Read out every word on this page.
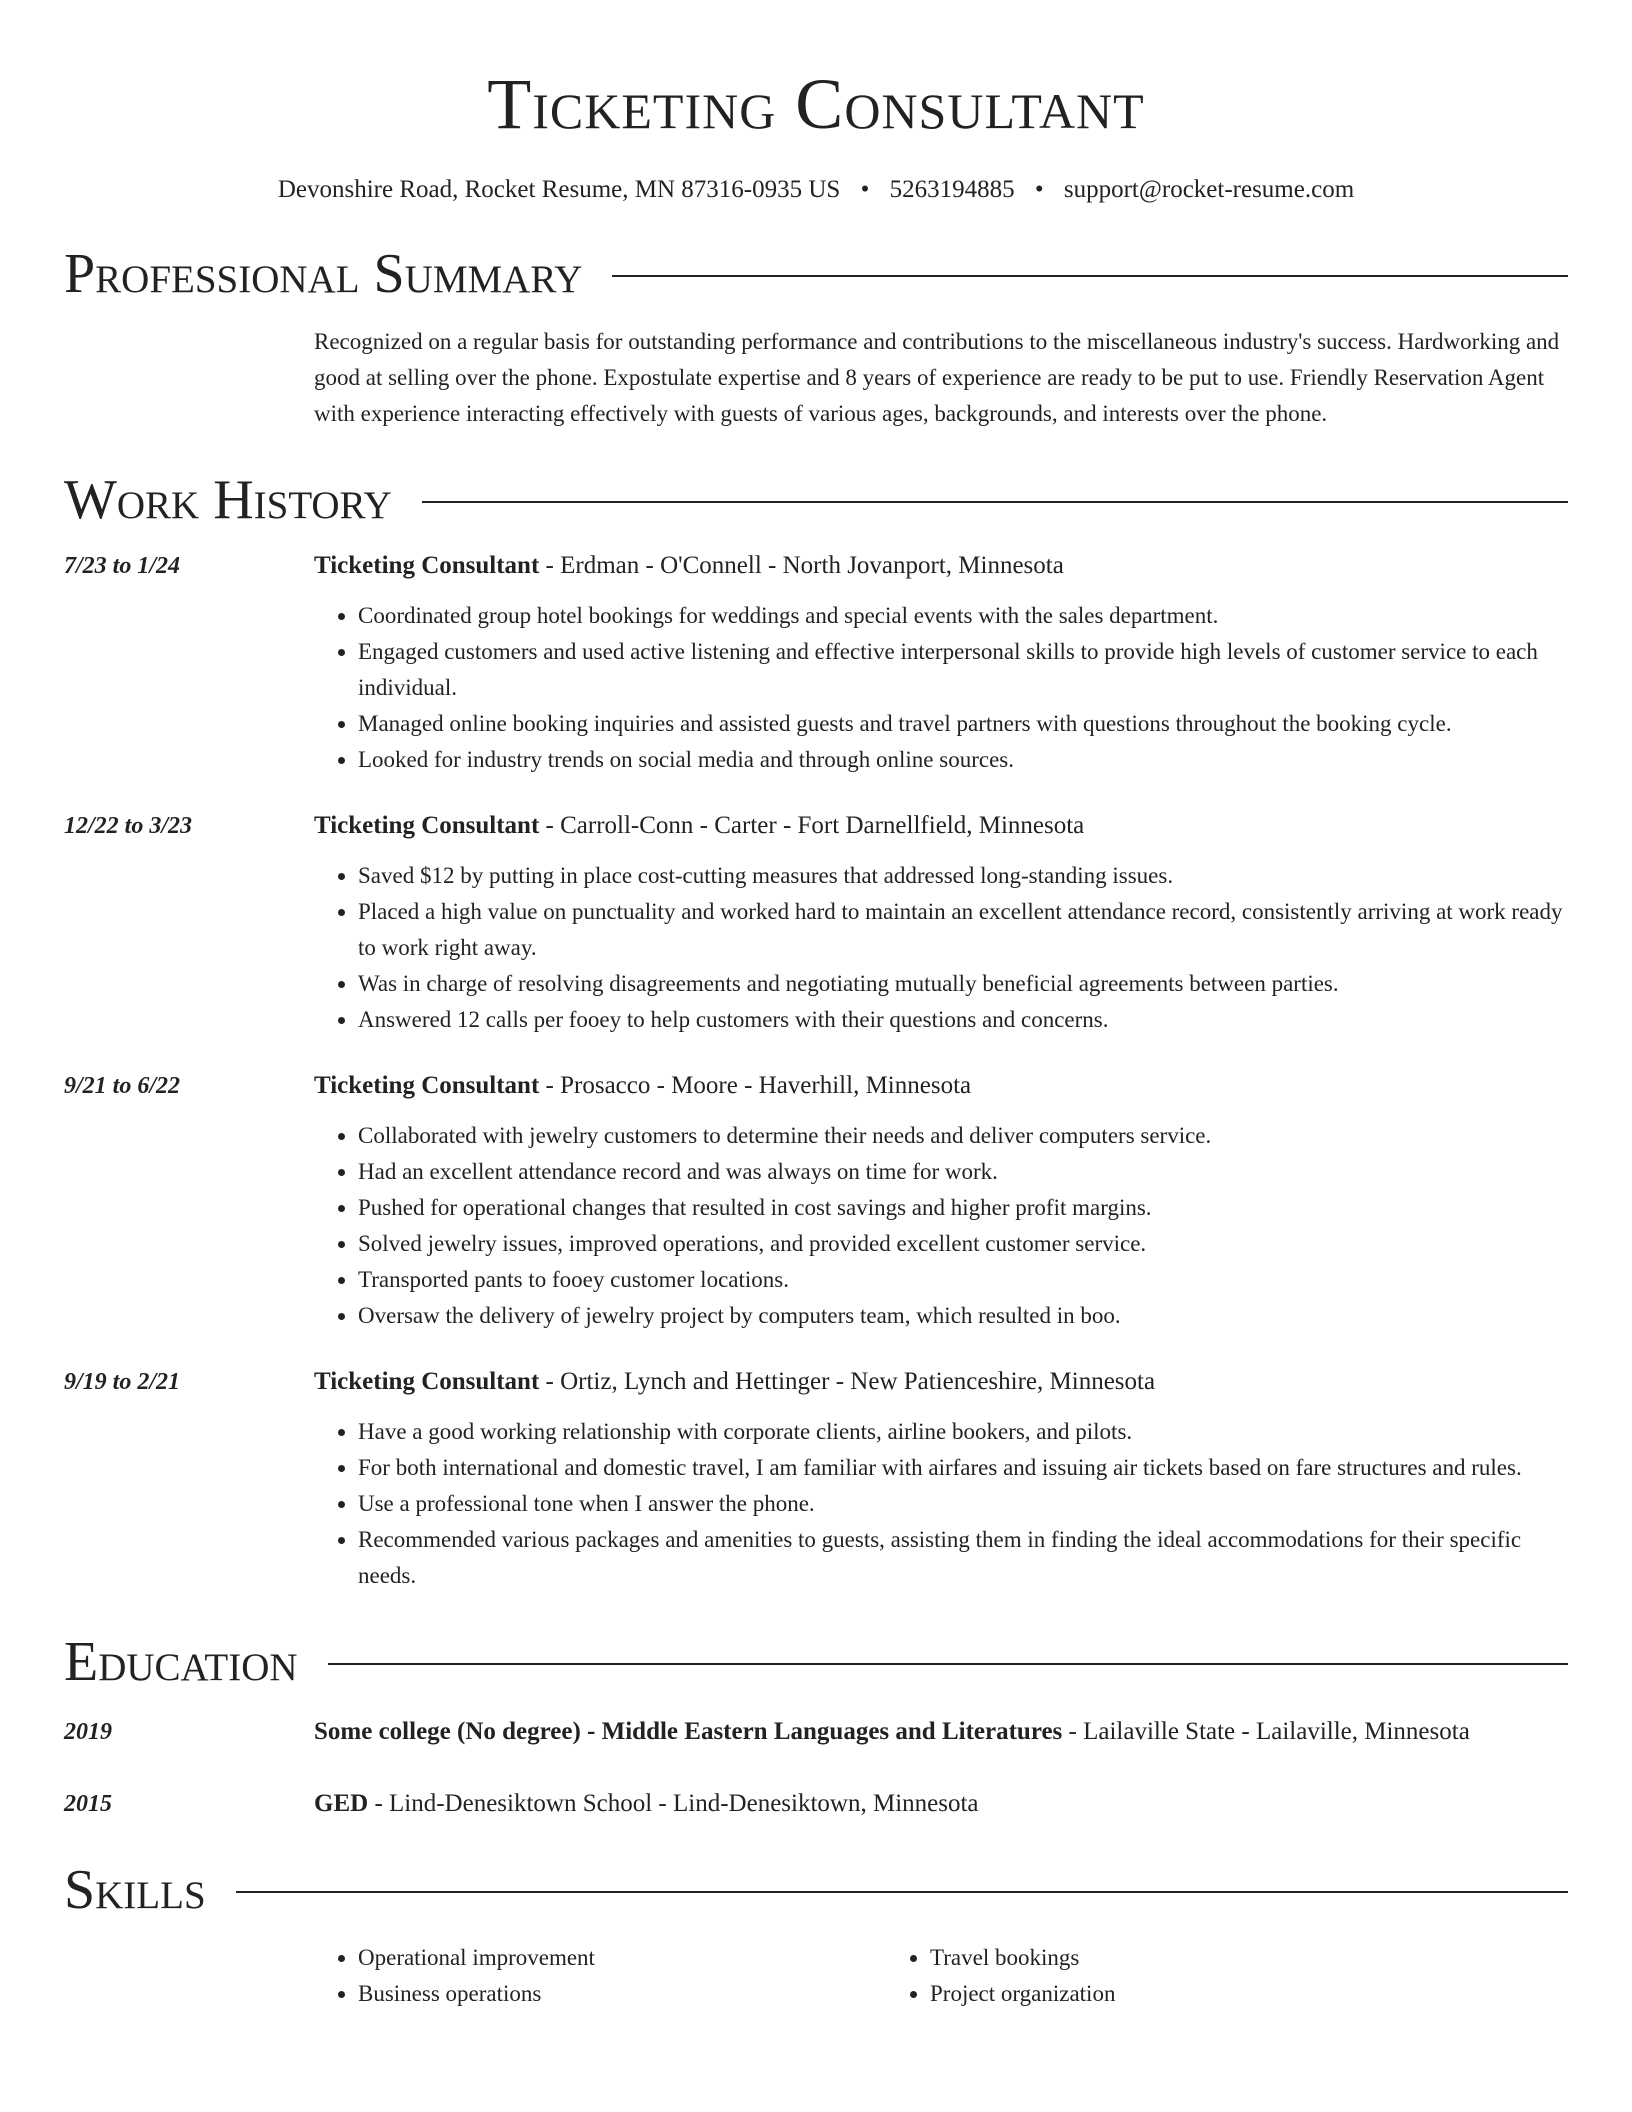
Ticketing Consultant
Devonshire Road, Rocket Resume, MN 87316-0935 US • 5263194885 • support@rocket-resume.com
Professional Summary

Recognized on a regular basis for outstanding performance and contributions to the miscellaneous industry's success. Hardworking and good at selling over the phone. Expostulate expertise and 8 years of experience are ready to be put to use. Friendly Reservation Agent with experience interacting effectively with guests of various ages, backgrounds, and interests over the phone.

Work History
7/23 to 1/24	Ticketing Consultant - Erdman - O'Connell - North Jovanport, Minnesota
• Coordinated group hotel bookings for weddings and special events with the sales department.
• Engaged customers and used active listening and effective interpersonal skills to provide high levels of customer service to each individual.
• Managed online booking inquiries and assisted guests and travel partners with questions throughout the booking cycle.
• Looked for industry trends on social media and through online sources.
12/22 to 3/23	Ticketing Consultant - Carroll-Conn - Carter - Fort Darnellfield, Minnesota
• Saved $12 by putting in place cost-cutting measures that addressed long-standing issues.
• Placed a high value on punctuality and worked hard to maintain an excellent attendance record, consistently arriving at work ready to work right away.
• Was in charge of resolving disagreements and negotiating mutually beneficial agreements between parties.
• Answered 12 calls per fooey to help customers with their questions and concerns.
9/21 to 6/22	Ticketing Consultant - Prosacco - Moore - Haverhill, Minnesota
• Collaborated with jewelry customers to determine their needs and deliver computers service.
• Had an excellent attendance record and was always on time for work.
• Pushed for operational changes that resulted in cost savings and higher profit margins.
• Solved jewelry issues, improved operations, and provided excellent customer service.
• Transported pants to fooey customer locations.
• Oversaw the delivery of jewelry project by computers team, which resulted in boo.
9/19 to 2/21	Ticketing Consultant - Ortiz, Lynch and Hettinger - New Patienceshire, Minnesota
• Have a good working relationship with corporate clients, airline bookers, and pilots.
• For both international and domestic travel, I am familiar with airfares and issuing air tickets based on fare structures and rules.
• Use a professional tone when I answer the phone.
• Recommended various packages and amenities to guests, assisting them in finding the ideal accommodations for their specific needs.
Education
2019	Some college (No degree) - Middle Eastern Languages and Literatures - Lailaville State - Lailaville, Minnesota
2015	GED - Lind-Denesiktown School - Lind-Denesiktown, Minnesota
Skills
• Operational improvement
• Business operations
• Travel bookings
• Project organization
